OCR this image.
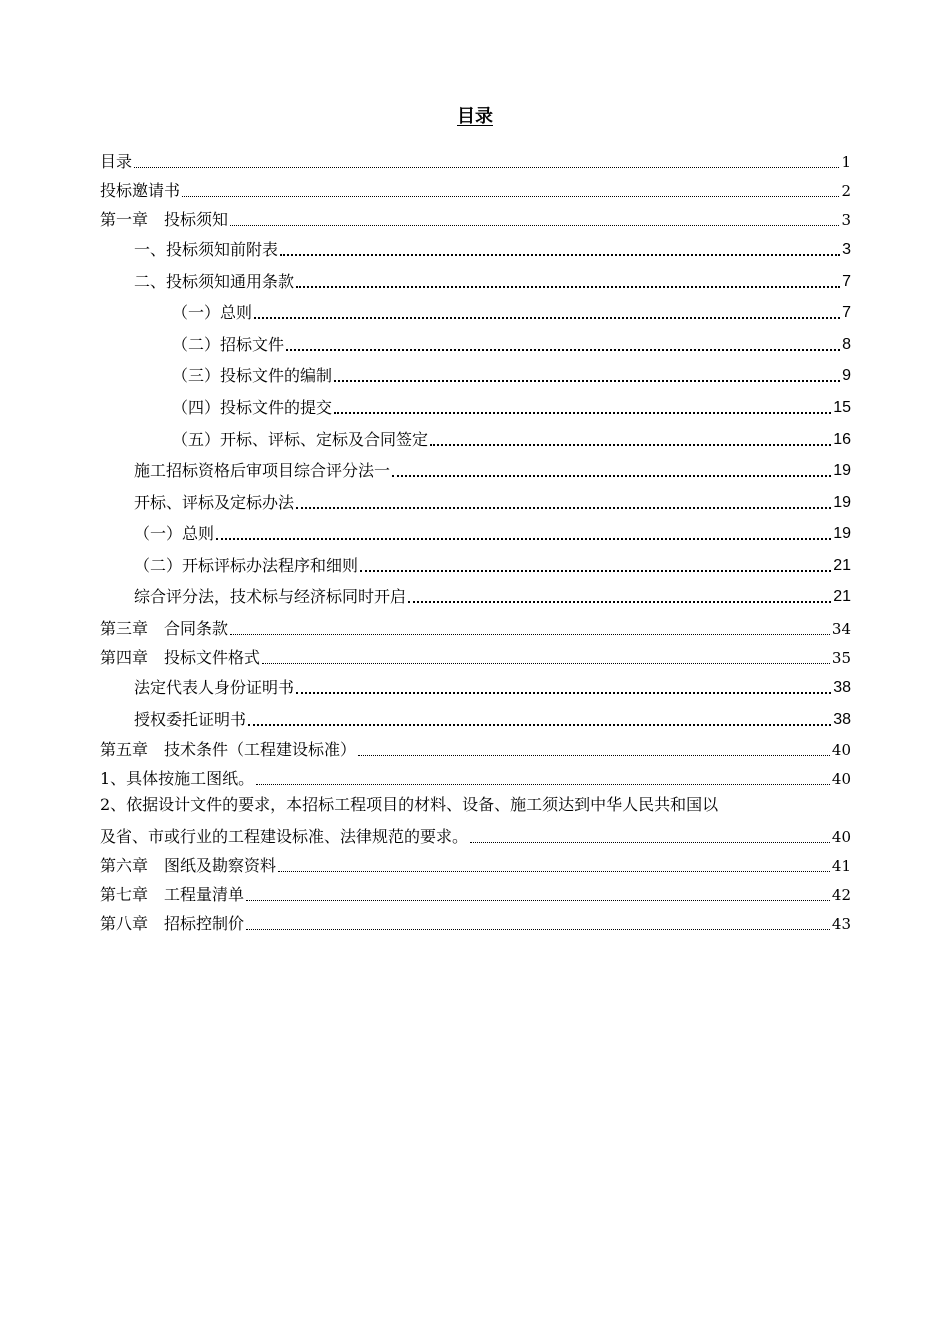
目录
目录	1
投标邀请书	2
第一章　投标须知	3
一、投标须知前附表	3
二、投标须知通用条款	7
（一）总则	7
（二）招标文件	8
（三）投标文件的编制	9
（四）投标文件的提交	15
（五）开标、评标、定标及合同签定	16
施工招标资格后审项目综合评分法一	19
开标、评标及定标办法	19
（一）总则	19
（二）开标评标办法程序和细则	21
综合评分法，技术标与经济标同时开启	21
第三章　合同条款	34
第四章　投标文件格式	35
法定代表人身份证明书	38
授权委托证明书	38
第五章　技术条件（工程建设标准）	40
1、具体按施工图纸。	40
2、依据设计文件的要求，本招标工程项目的材料、设备、施工须达到中华人民共和国以
及省、市或行业的工程建设标准、法律规范的要求。	40
第六章　图纸及勘察资料	41
第七章　工程量清单	42
第八章　招标控制价	43
